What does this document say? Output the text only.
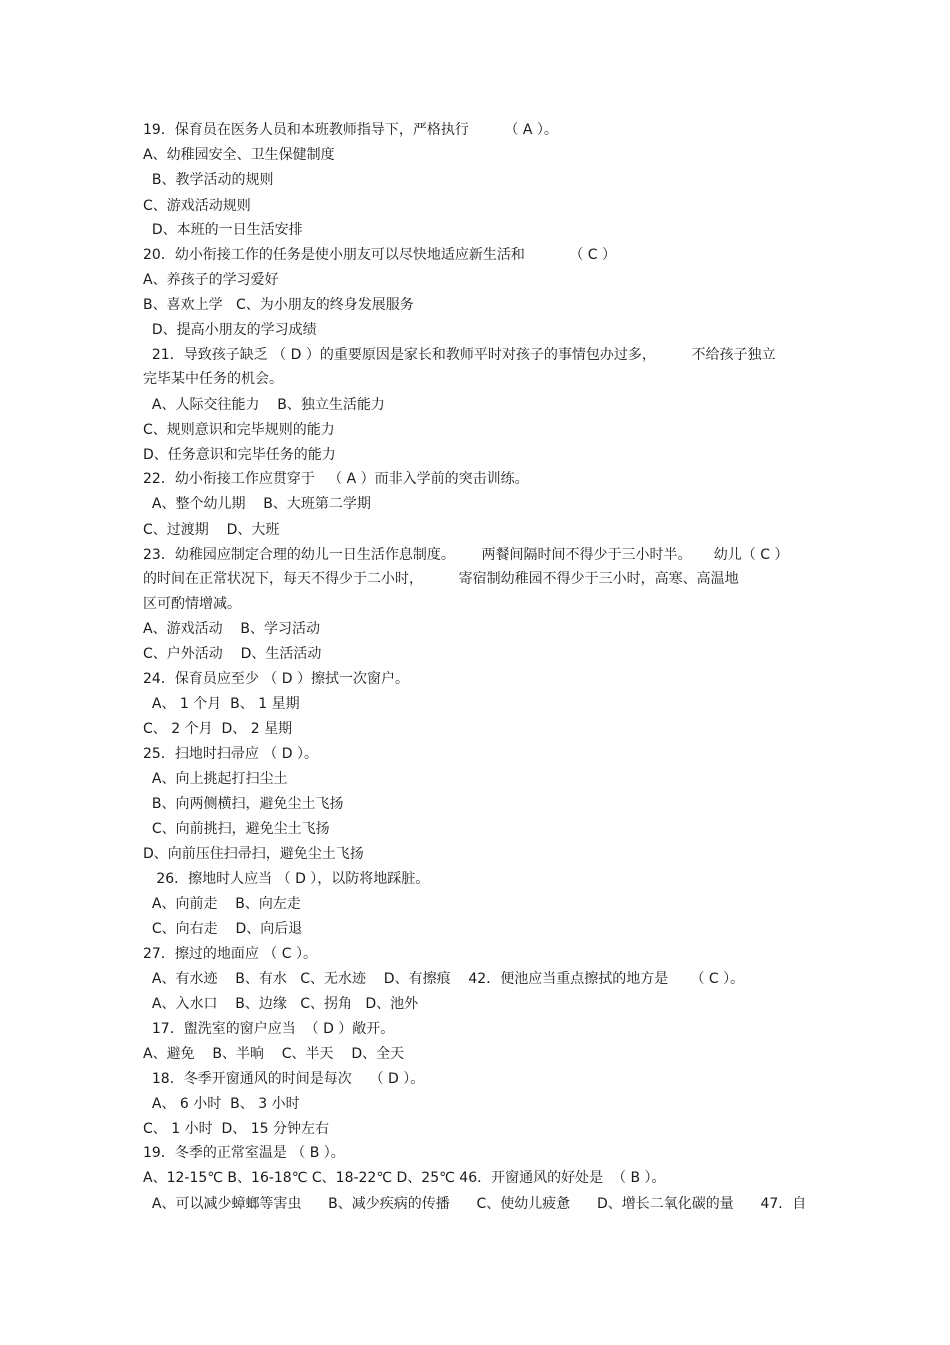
19．保育员在医务人员和本班教师指导下，严格执行        （ A ）。
A、幼稚园安全、卫生保健制度
B、教学活动的规则
C、游戏活动规则
D、本班的一日生活安排
20．幼小衔接工作的任务是使小朋友可以尽快地适应新生活和          （ C ）
A、养孩子的学习爱好
B、喜欢上学   C、为小朋友的终身发展服务
D、提高小朋友的学习成绩
21．导致孩子缺乏 （ D ）的重要原因是家长和教师平时对孩子的事情包办过多，        不给孩子独立
完毕某中任务的机会。
A、人际交往能力    B、独立生活能力
C、规则意识和完毕规则的能力
D、任务意识和完毕任务的能力
22．幼小衔接工作应贯穿于   （ A ）而非入学前的突击训练。
A、整个幼儿期    B、大班第二学期
C、过渡期    D、大班
23．幼稚园应制定合理的幼儿一日生活作息制度。      两餐间隔时间不得少于三小时半。     幼儿（ C ）
的时间在正常状况下，每天不得少于二小时，        寄宿制幼稚园不得少于三小时，高寒、高温地
区可酌情增减。
A、游戏活动    B、学习活动
C、户外活动    D、生活活动
24．保育员应至少 （ D ）擦拭一次窗户。
A、 1 个月  B、 1 星期
C、 2 个月  D、 2 星期
25．扫地时扫帚应 （ D ）。
A、向上挑起打扫尘土
B、向两侧横扫，避免尘土飞扬
C、向前挑扫，避免尘土飞扬
D、向前压住扫帚扫，避免尘土飞扬
26．擦地时人应当 （ D ），以防将地踩脏。
A、向前走    B、向左走
C、向右走    D、向后退
27．擦过的地面应 （ C ）。
A、有水迹    B、有水   C、无水迹    D、有擦痕    42．便池应当重点擦拭的地方是     （ C ）。
A、入水口    B、边缘   C、拐角   D、池外
17．盥洗室的窗户应当  （ D ）敞开。
A、避免    B、半晌    C、半天    D、全天
18．冬季开窗通风的时间是每次    （ D ）。
A、 6 小时  B、 3 小时
C、 1 小时  D、 15 分钟左右
19．冬季的正常室温是 （ B ）。
A、12-15℃ B、16-18℃ C、18-22℃ D、25℃ 46．开窗通风的好处是  （ B ）。
A、可以减少蟑螂等害虫      B、减少疾病的传播      C、使幼儿疲惫      D、增长二氧化碳的量      47．自
